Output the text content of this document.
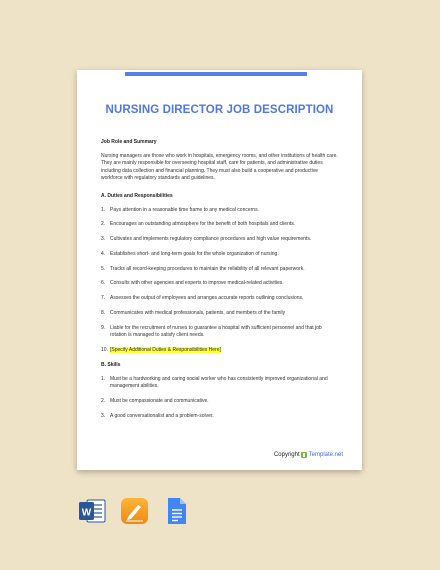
NURSING DIRECTOR JOB DESCRIPTION

Job Role and Summary

Nursing managers are those who work in hospitals, emergency rooms, and other institutions of health care. They are mainly responsible for overseeing hospital staff, care for patients, and administrative duties including data collection and financial planning. They must also build a cooperative and productive workforce with regulatory standards and guidelines.

A. Duties and Responsibilities

1. Pays attention in a reasonable time frame to any medical concerns.
2. Encourages an outstanding atmosphere for the benefit of both hospitals and clients.
3. Cultivates and implements regulatory compliance procedures and high value requirements.
4. Establishes short- and long-term goals for the whole organization of nursing.
5. Tracks all record-keeping procedures to maintain the reliability of all relevant paperwork.
6. Consults with other agencies and experts to improve medical-related activities.
7. Assesses the output of employees and arranges accurate reports outlining conclusions.
8. Communicates with medical professionals, patients, and members of the family
9. Liable for the recruitment of nurses to guarantee a hospital with sufficient personnel and that job rotation is managed to satisfy client needs.
10. [Specify Additional Duties & Responsibilities Here]

B. Skills

1. Must be a hardworking and caring social worker who has consistently improved organizational and management abilities.
2. Must be compassionate and communicative.
3. A good conversationalist and a problem-solver.
Copyright Template.net
W
